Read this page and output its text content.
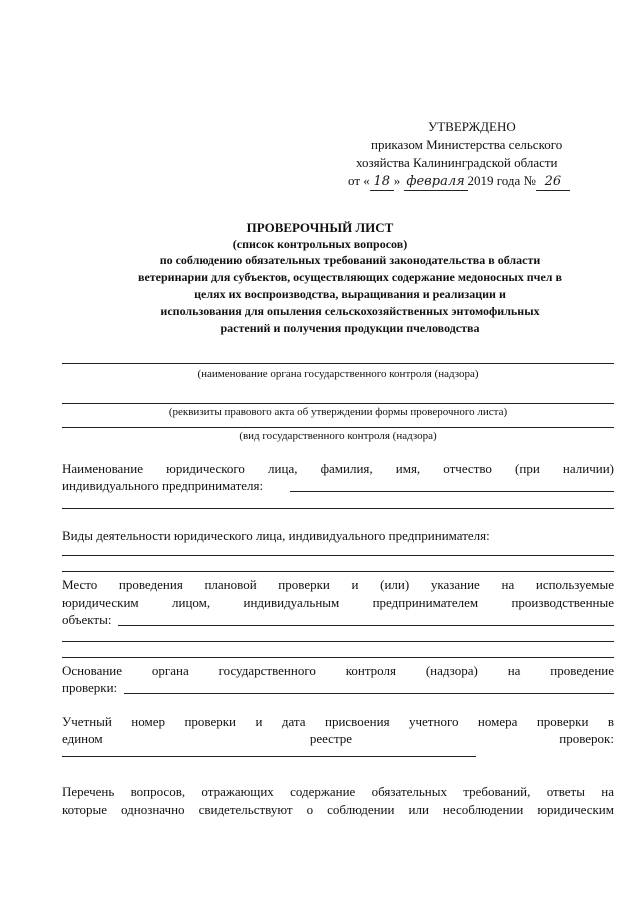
УТВЕРЖДЕНО
приказом Министерства сельского
хозяйства Калининградской области
от « 18 » февраля 2019 года № 26
ПРОВЕРОЧНЫЙ ЛИСТ
(список контрольных вопросов)
по соблюдению обязательных требований законодательства в области
ветеринарии для субъектов, осуществляющих содержание медоносных пчел в
целях их воспроизводства, выращивания и реализации и
использования для опыления сельскохозяйственных энтомофильных
растений и получения продукции пчеловодства
(наименование органа государственного контроля (надзора)
(реквизиты правового акта об утверждении формы проверочного листа)
(вид государственного контроля (надзора)
Наименование юридического лица, фамилия, имя, отчество (при наличии)
индивидуального предпринимателя:
Виды деятельности юридического лица, индивидуального предпринимателя:
Место проведения плановой проверки и (или) указание на используемые
юридическим лицом, индивидуальным предпринимателем производственные
объекты:
Основание органа государственного контроля (надзора) на проведение
проверки:
Учетный номер проверки и дата присвоения учетного номера проверки в
едином реестре проверок:
Перечень вопросов, отражающих содержание обязательных требований, ответы на
которые однозначно свидетельствуют о соблюдении или несоблюдении юридическим
